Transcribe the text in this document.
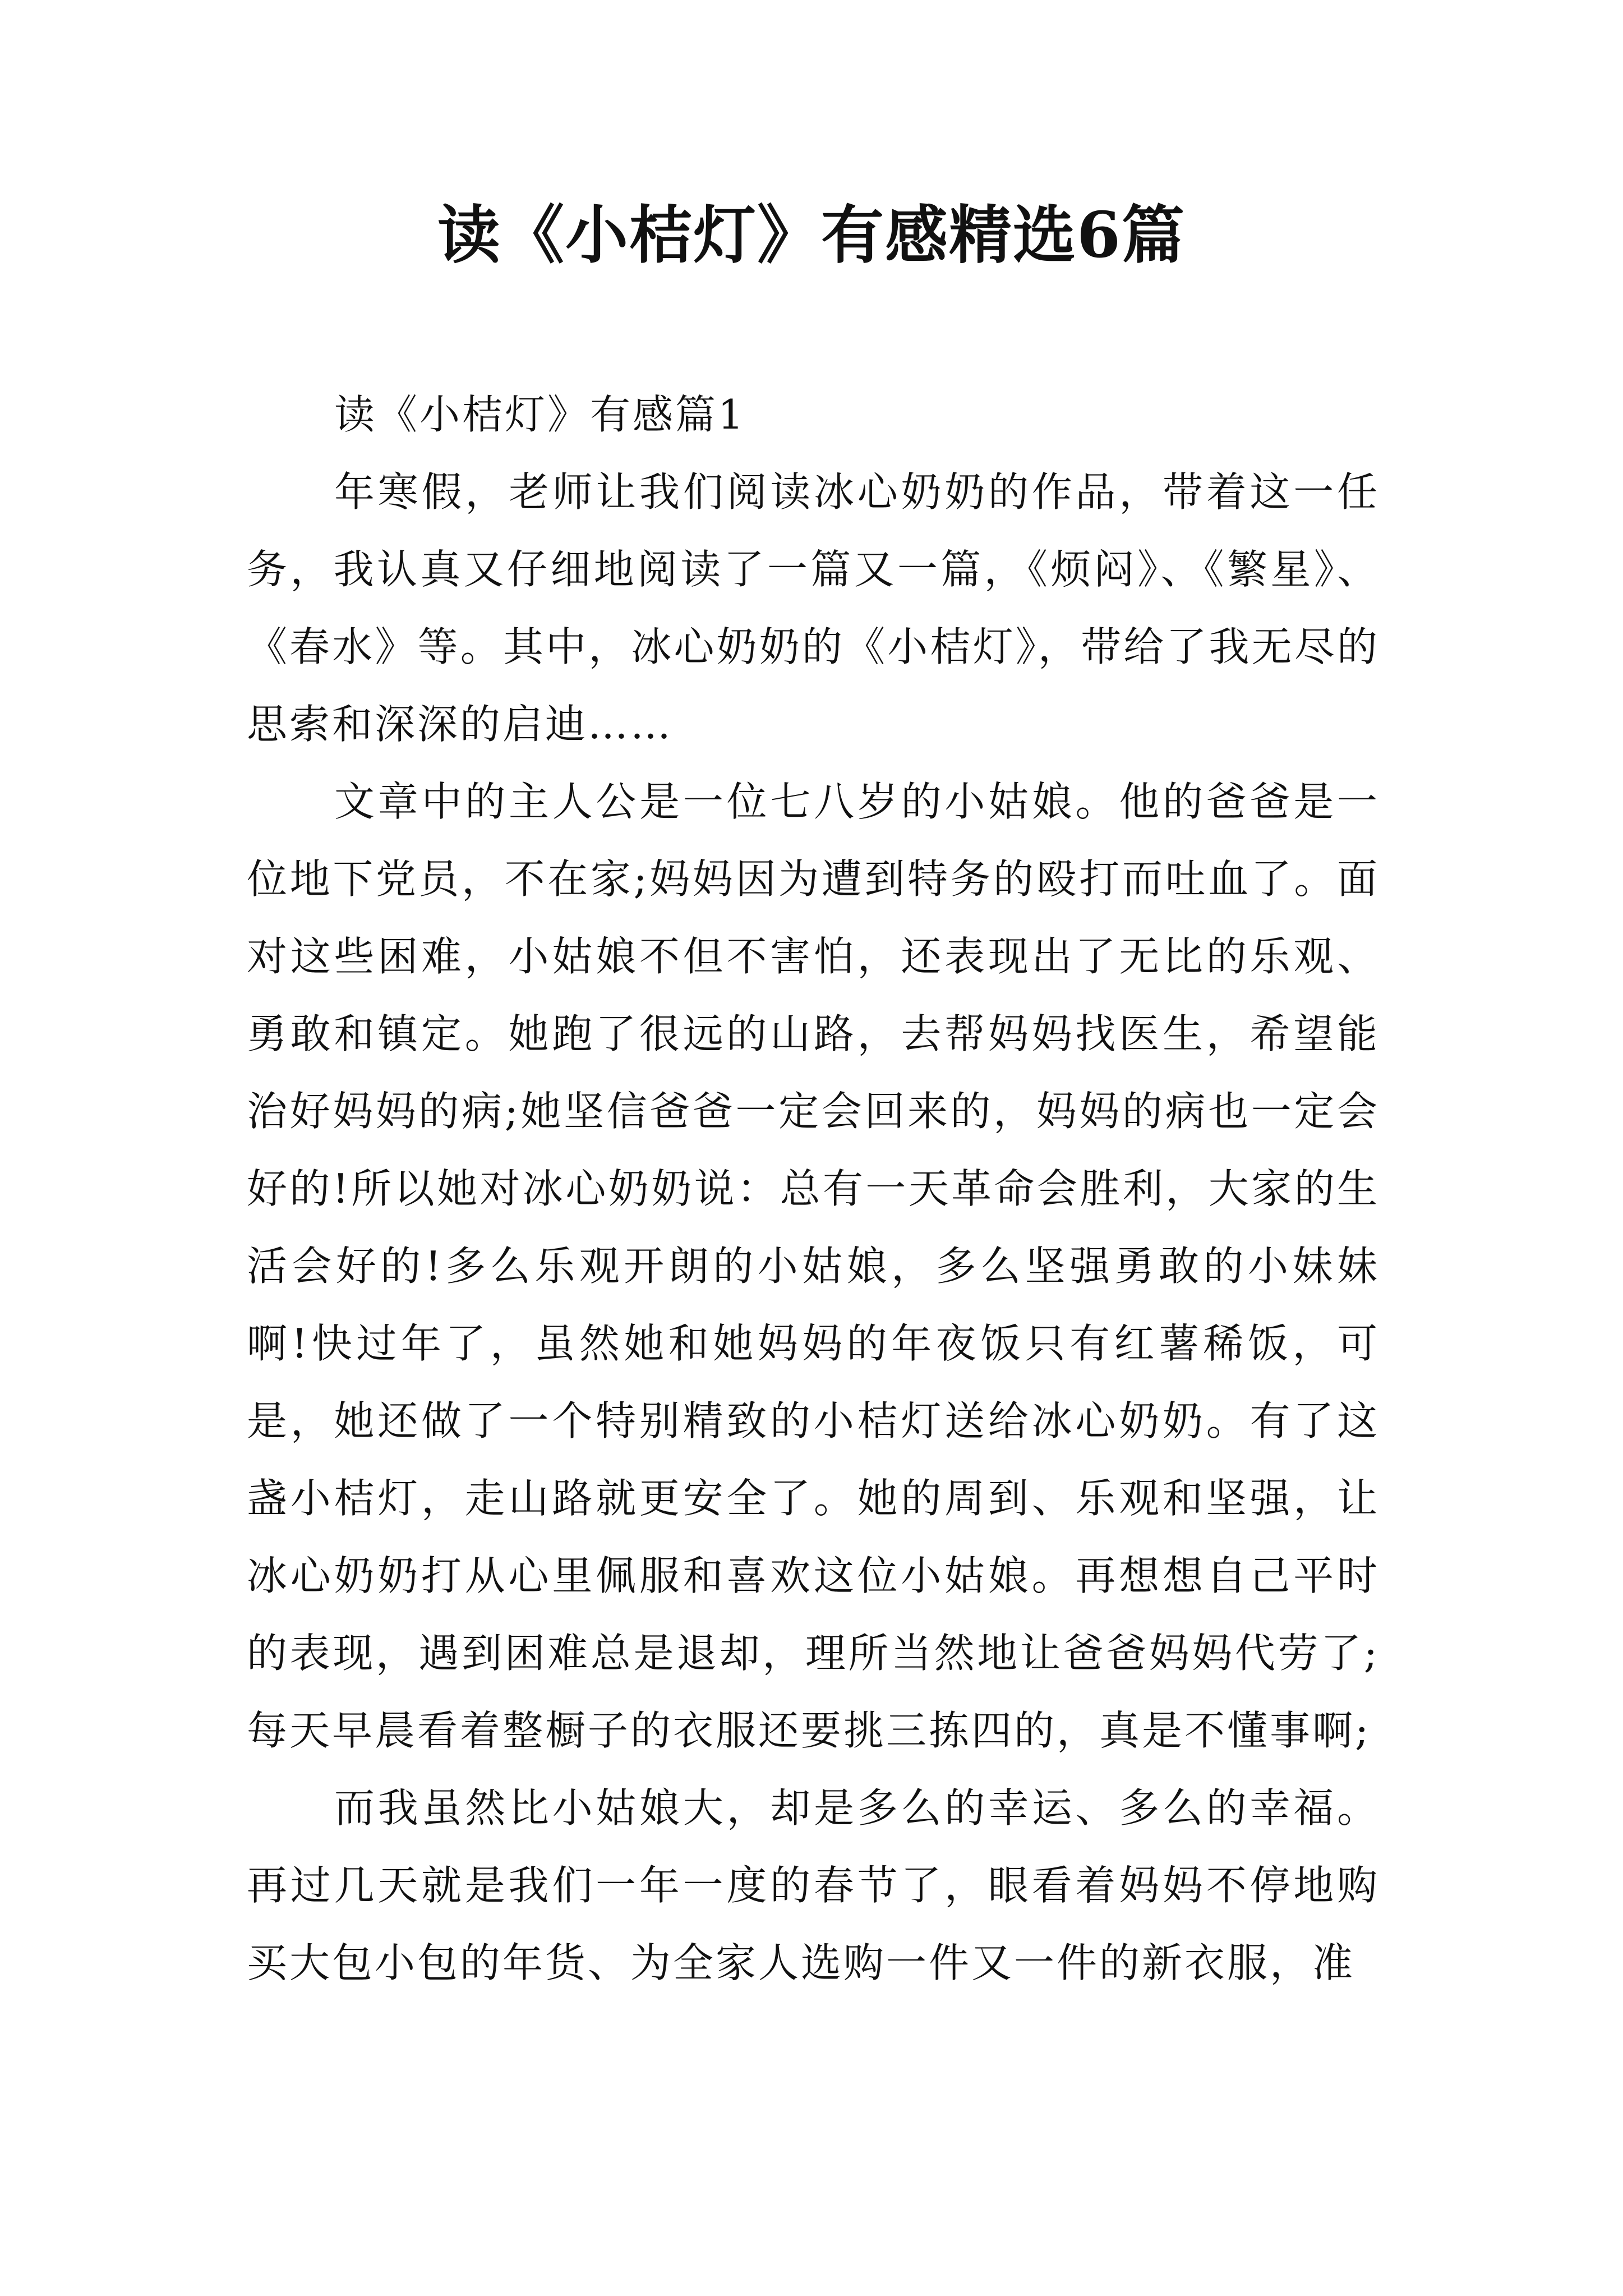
读《小桔灯》有感精选6篇
读《小桔灯》有感篇1

年寒假，老师让我们阅读冰心奶奶的作品，带着这一任务，我认真又仔细地阅读了一篇又一篇，《烦闷》、《繁星》、《春水》等。其中，冰心奶奶的《小桔灯》，带给了我无尽的思索和深深的启迪……

文章中的主人公是一位七八岁的小姑娘。他的爸爸是一位地下党员，不在家;妈妈因为遭到特务的殴打而吐血了。面对这些困难，小姑娘不但不害怕，还表现出了无比的乐观、勇敢和镇定。她跑了很远的山路，去帮妈妈找医生，希望能治好妈妈的病;她坚信爸爸一定会回来的，妈妈的病也一定会好的!所以她对冰心奶奶说：总有一天革命会胜利，大家的生活会好的!多么乐观开朗的小姑娘，多么坚强勇敢的小妹妹啊!快过年了，虽然她和她妈妈的年夜饭只有红薯稀饭，可是，她还做了一个特别精致的小桔灯送给冰心奶奶。有了这盏小桔灯，走山路就更安全了。她的周到、乐观和坚强，让冰心奶奶打从心里佩服和喜欢这位小姑娘。再想想自己平时的表现，遇到困难总是退却，理所当然地让爸爸妈妈代劳了;每天早晨看着整橱子的衣服还要挑三拣四的，真是不懂事啊;

而我虽然比小姑娘大，却是多么的幸运、多么的幸福。再过几天就是我们一年一度的春节了，眼看着妈妈不停地购买大包小包的年货、为全家人选购一件又一件的新衣服，准
